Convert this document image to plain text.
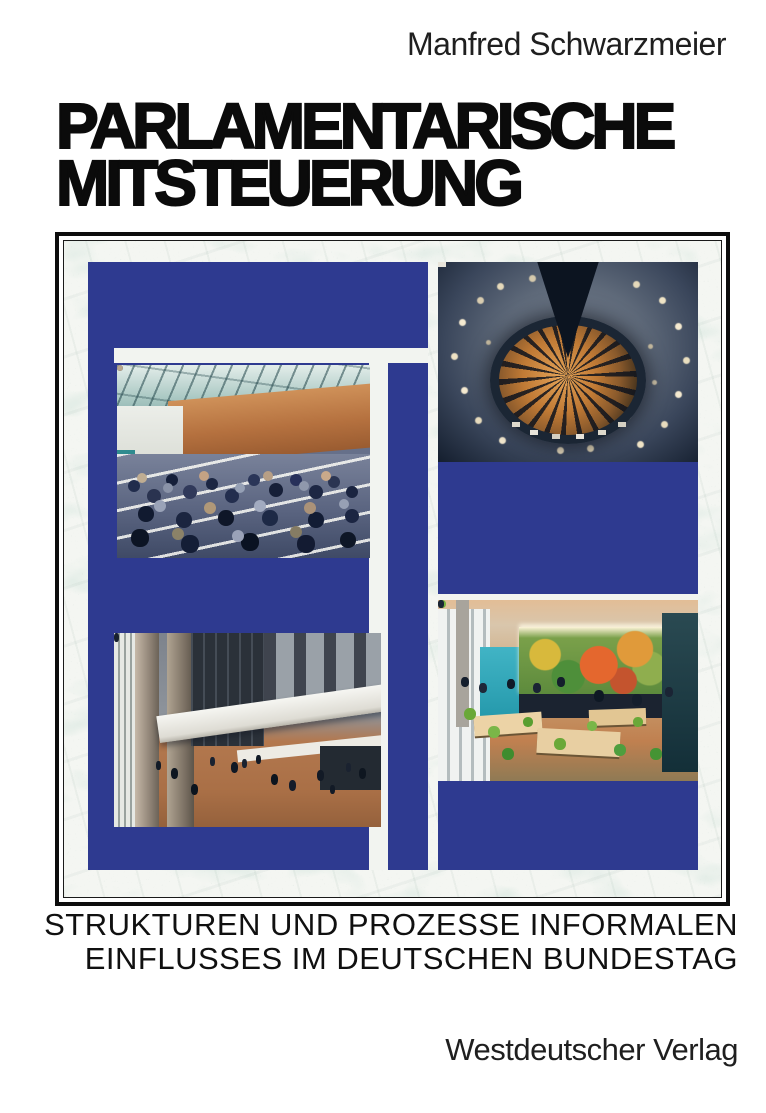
Manfred Schwarzmeier
PARLAMENTARISCHE
MITSTEUERUNG
STRUKTUREN UND PROZESSE INFORMALEN
EINFLUSSES IM DEUTSCHEN BUNDESTAG
Westdeutscher Verlag
